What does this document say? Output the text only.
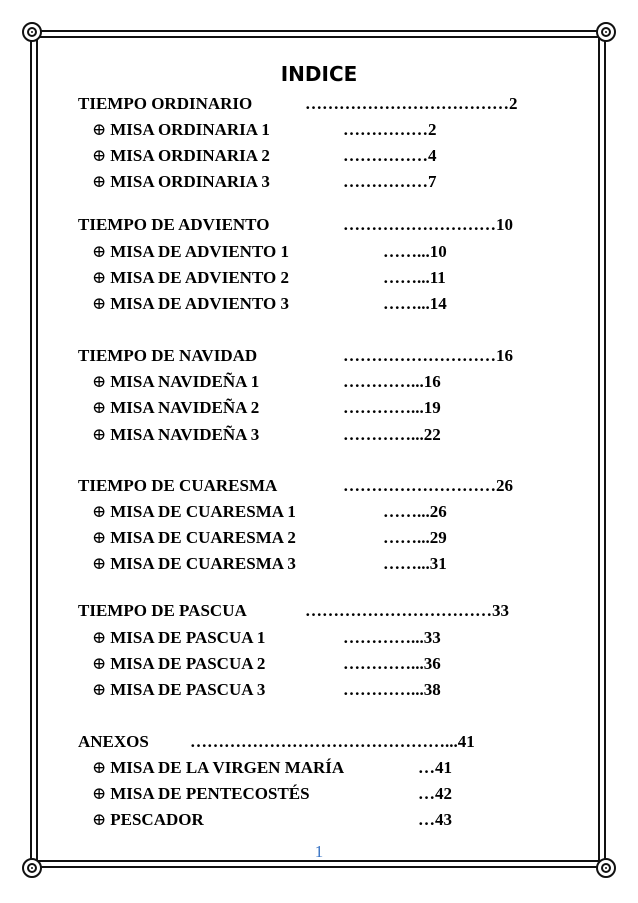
INDICE
TIEMPO ORDINARIO	………………………………2
⊕ MISA ORDINARIA 1	……………2
⊕ MISA ORDINARIA 2	……………4
⊕ MISA ORDINARIA 3	……………7
TIEMPO DE ADVIENTO	………………………10
⊕ MISA DE ADVIENTO 1	……...10
⊕ MISA DE ADVIENTO 2	……...11
⊕ MISA DE ADVIENTO 3	……...14
TIEMPO DE NAVIDAD	………………………16
⊕ MISA NAVIDEÑA 1	…………...16
⊕ MISA NAVIDEÑA 2	…………...19
⊕ MISA NAVIDEÑA 3	…………...22
TIEMPO DE CUARESMA	………………………26
⊕ MISA DE CUARESMA 1	……...26
⊕ MISA DE CUARESMA 2	……...29
⊕ MISA DE CUARESMA 3	……...31
TIEMPO DE PASCUA	……………………………33
⊕ MISA DE PASCUA 1	…………...33
⊕ MISA DE PASCUA 2	…………...36
⊕ MISA DE PASCUA 3	…………...38
ANEXOS ………………………………………...41
⊕ MISA DE LA VIRGEN MARÍA	…41
⊕ MISA DE PENTECOSTÉS	…42
⊕ PESCADOR	…43
1
